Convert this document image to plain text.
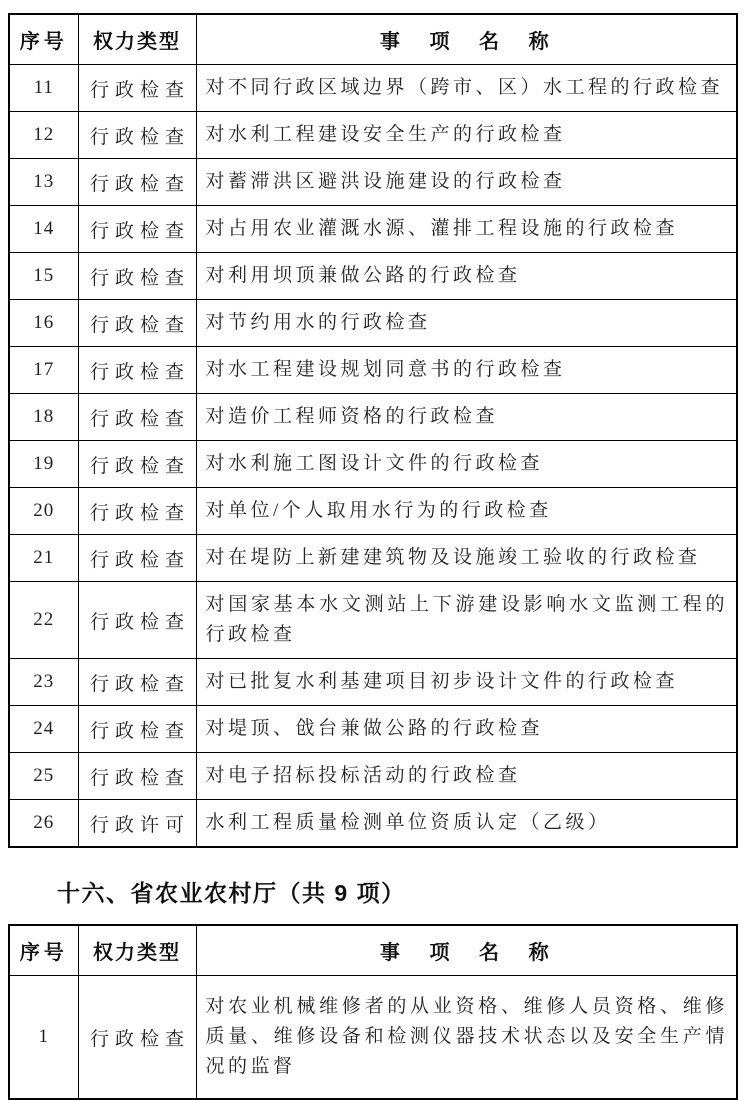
序号	权力类型	事 项 名 称
11	行政检查	对不同行政区域边界（跨市、区）水工程的行政检查
12	行政检查	对水利工程建设安全生产的行政检查
13	行政检查	对蓄滞洪区避洪设施建设的行政检查
14	行政检查	对占用农业灌溉水源、灌排工程设施的行政检查
15	行政检查	对利用坝顶兼做公路的行政检查
16	行政检查	对节约用水的行政检查
17	行政检查	对水工程建设规划同意书的行政检查
18	行政检查	对造价工程师资格的行政检查
19	行政检查	对水利施工图设计文件的行政检查
20	行政检查	对单位/个人取用水行为的行政检查
21	行政检查	对在堤防上新建建筑物及设施竣工验收的行政检查
22	行政检查	对国家基本水文测站上下游建设影响水文监测工程的行政检查
23	行政检查	对已批复水利基建项目初步设计文件的行政检查
24	行政检查	对堤顶、戗台兼做公路的行政检查
25	行政检查	对电子招标投标活动的行政检查
26	行政许可	水利工程质量检测单位资质认定（乙级）
十六、省农业农村厅（共 9 项）
序号	权力类型	事 项 名 称
1	行政检查	对农业机械维修者的从业资格、维修人员资格、维修质量、维修设备和检测仪器技术状态以及安全生产情况的监督
